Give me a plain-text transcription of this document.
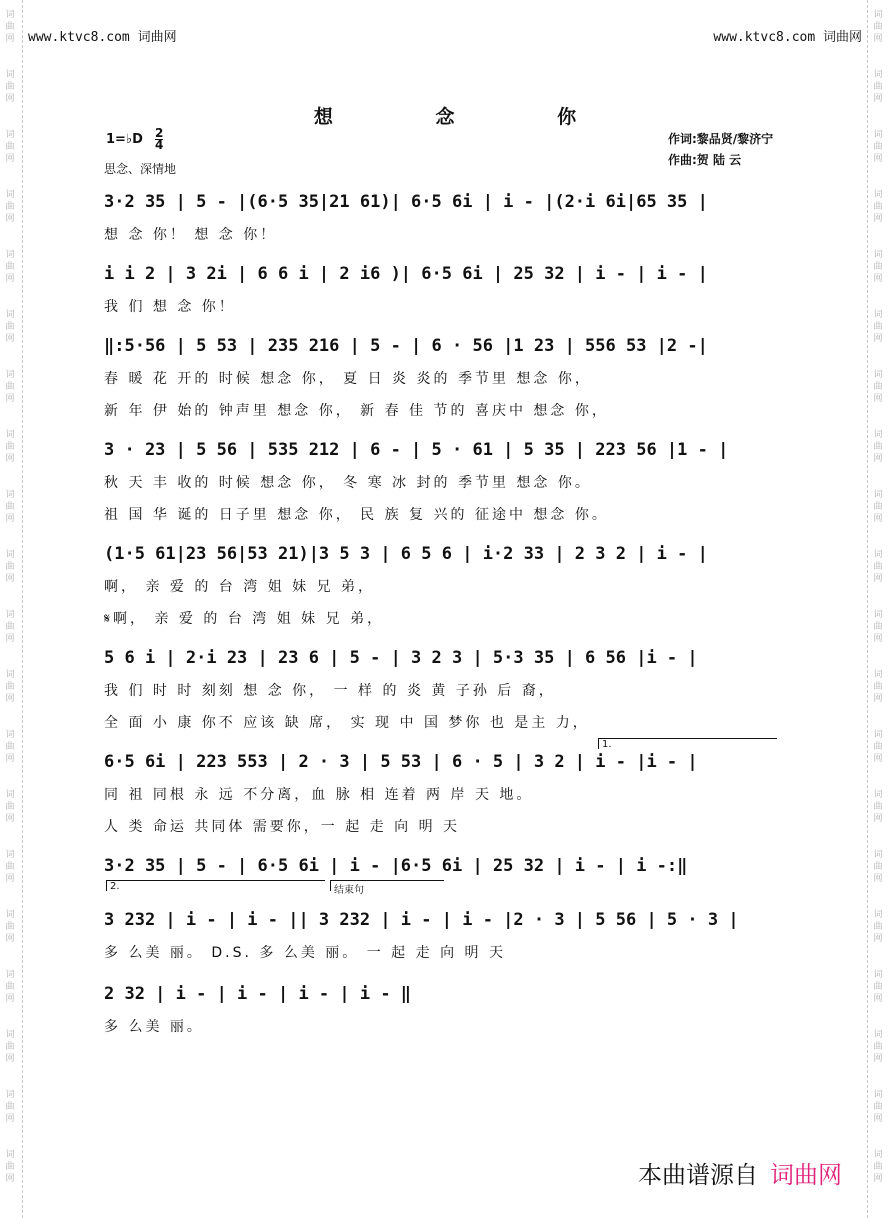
词
曲
网
词
曲
网
词
曲
网
词
曲
网
词
曲
网
词
曲
网
词
曲
网
词
曲
网
词
曲
网
词
曲
网
词
曲
网
词
曲
网
词
曲
网
词
曲
网
词
曲
网
词
曲
网
词
曲
网
词
曲
网
词
曲
网
词
曲
网
词
曲
网
词
曲
网
词
曲
网
词
曲
网
词
曲
网
词
曲
网
词
曲
网
词
曲
网
词
曲
网
词
曲
网
词
曲
网
词
曲
网
词
曲
网
词
曲
网
词
曲
网
词
曲
网
词
曲
网
词
曲
网
词
曲
网
词
曲
网
www.ktvc8.com 词曲网	www.ktvc8.com 词曲网
想 念 你
1=♭D 2
4
思念、深情地
作词:黎品贤/黎济宁
作曲:贺 陆 云
3·2 35 | 5 - |(6·5 35|21 61)| 6·5 6i | i - |(2·i 6i|65 35 |
想 念 你！ 想 念 你！
i i 2 | 3 2i | 6 6 i | 2 i6 )| 6·5 6i | 25 32 | i - | i - |
我 们 想 念 你！
‖:5·56 | 5 53 | 235 216 | 5 - | 6 · 56 |1 23 | 556 53 |2 -|
春 暖 花 开的 时候 想念 你， 夏 日 炎 炎的 季节里 想念 你，
新 年 伊 始的 钟声里 想念 你， 新 春 佳 节的 喜庆中 想念 你，
3 · 23 | 5 56 | 535 212 | 6 - | 5 · 61 | 5 35 | 223 56 |1 - |
秋 天 丰 收的 时候 想念 你， 冬 寒 冰 封的 季节里 想念 你。
祖 国 华 诞的 日子里 想念 你， 民 族 复 兴的 征途中 想念 你。
(1·5 61|23 56|53 21)|3 5 3 | 6 5 6 | i·2 33 | 2 3 2 | i - |
啊， 亲 爱 的 台 湾 姐 妹 兄 弟，
𝄋啊， 亲 爱 的 台 湾 姐 妹 兄 弟，
5 6 i | 2·i 23 | 23 6 | 5 - | 3 2 3 | 5·3 35 | 6 56 |i - |
我 们 时 时 刻刻 想 念 你， 一 样 的 炎 黄 子孙 后 裔，
全 面 小 康 你不 应该 缺 席， 实 现 中 国 梦你 也 是主 力，
6·5 6i | 223 553 | 2 · 3 | 5 53 | 6 · 5 | 3 2 | i - |i - |
同 祖 同根 永 远 不分离，血 脉 相 连着 两 岸 天 地。
人 类 命运 共同体 需要你，一 起 走 向 明 天
3·2 35 | 5 - | 6·5 6i | i - |6·5 6i | 25 32 | i - | i -:‖
3 232 | i - | i - || 3 232 | i - | i - |2 · 3 | 5 56 | 5 · 3 |
多 么美 丽。 D.S. 多 么美 丽。 一 起 走 向 明 天
2 32 | i - | i - | i - | i - ‖
多 么美 丽。
1.
2.	结束句
本曲谱源自 词曲网
